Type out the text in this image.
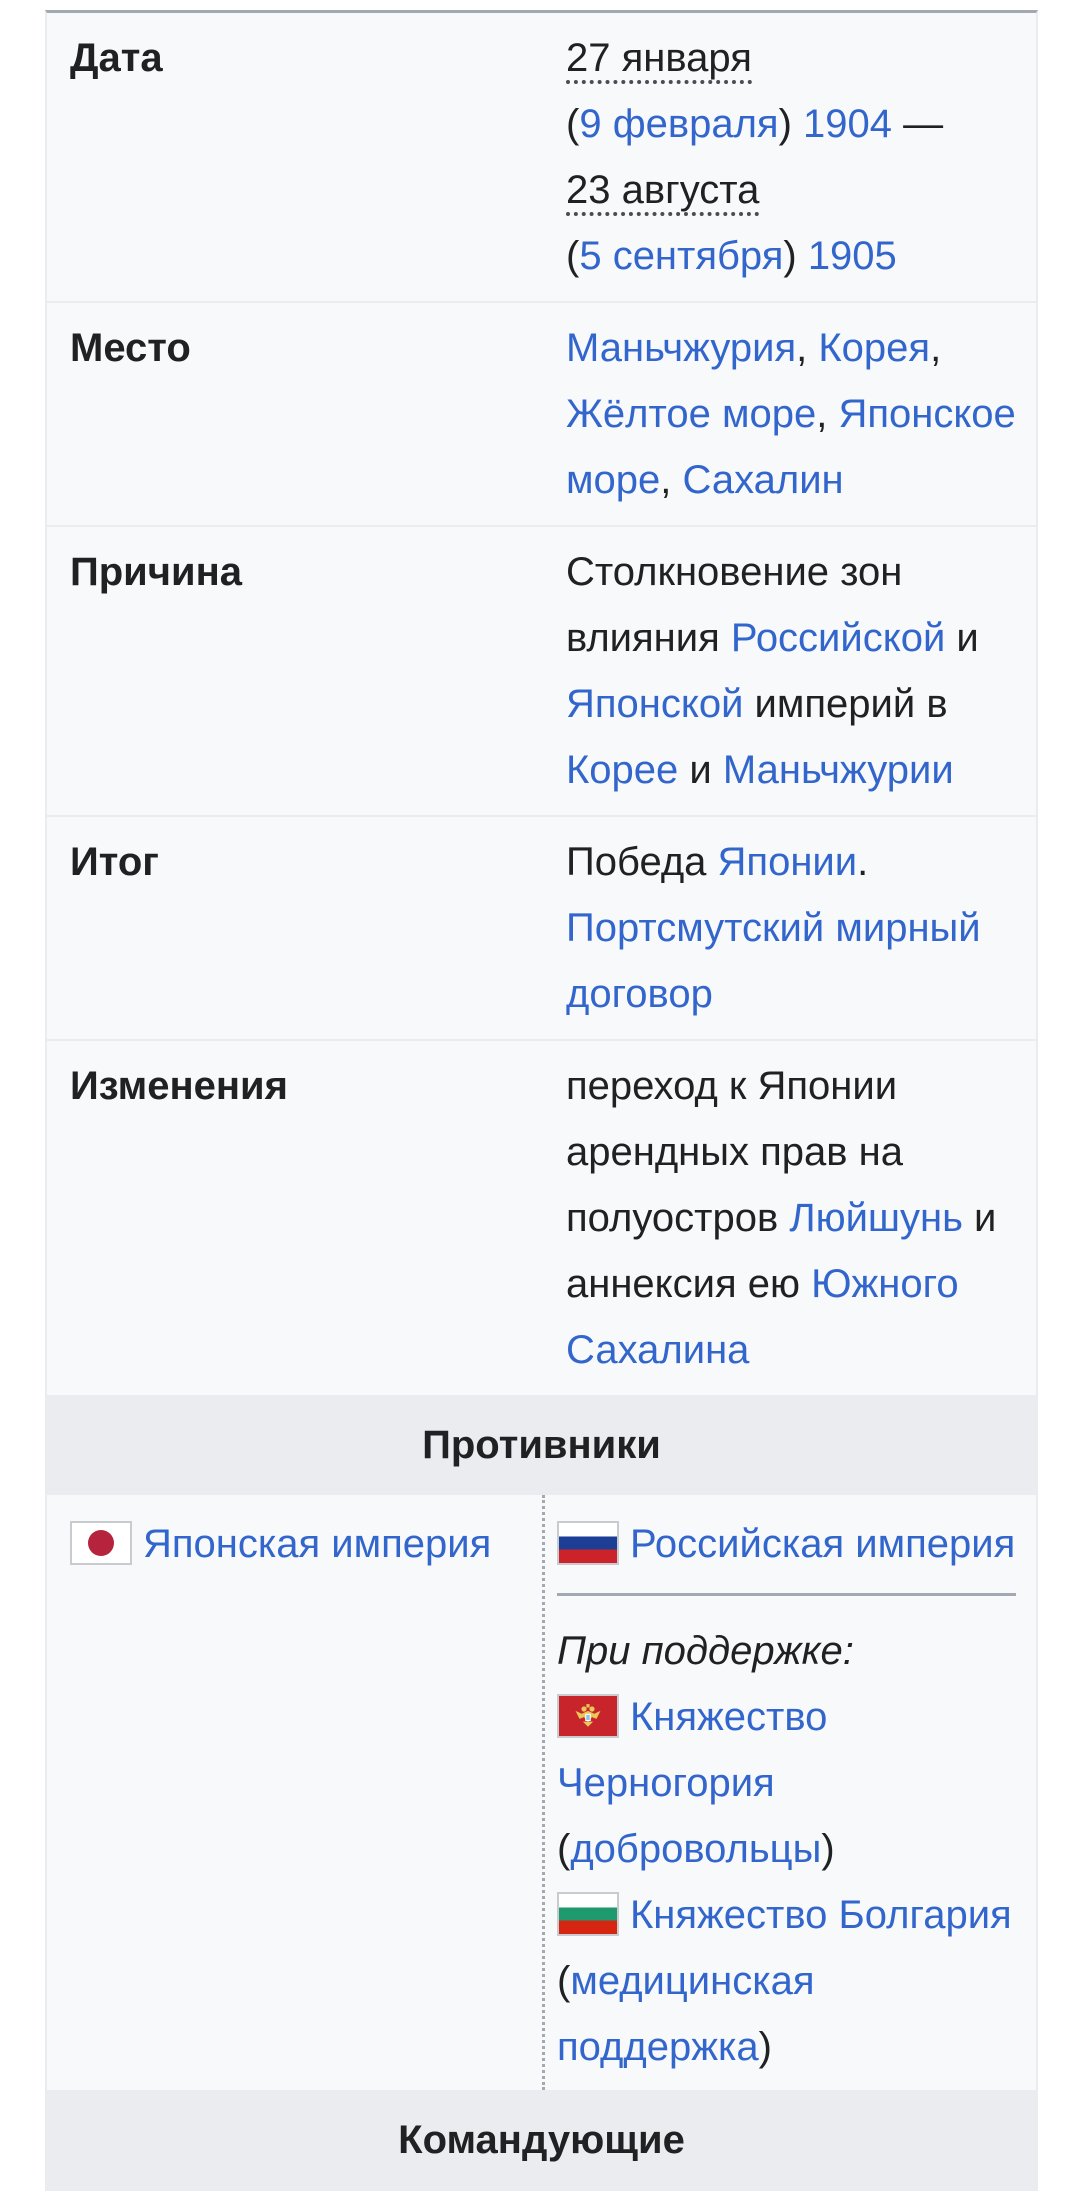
Дата	27 января
(9 февраля) 1904 —
23 августа
(5 сентября) 1905
Место	Маньчжурия, Корея,
Жёлтое море, Японское
море, Сахалин
Причина	Столкновение зон
влияния Российской и
Японской империй в
Корее и Маньчжурии
Итог	Победа Японии.
Портсмутский мирный
договор
Изменения	переход к Японии
арендных прав на
полуостров Люйшунь и
аннексия ею Южного
Сахалина
Противники
Японская империя	Российская империя
При поддержке:

Княжество
Черногория
(добровольцы)
Княжество Болгария
(медицинская
поддержка)
Командующие
